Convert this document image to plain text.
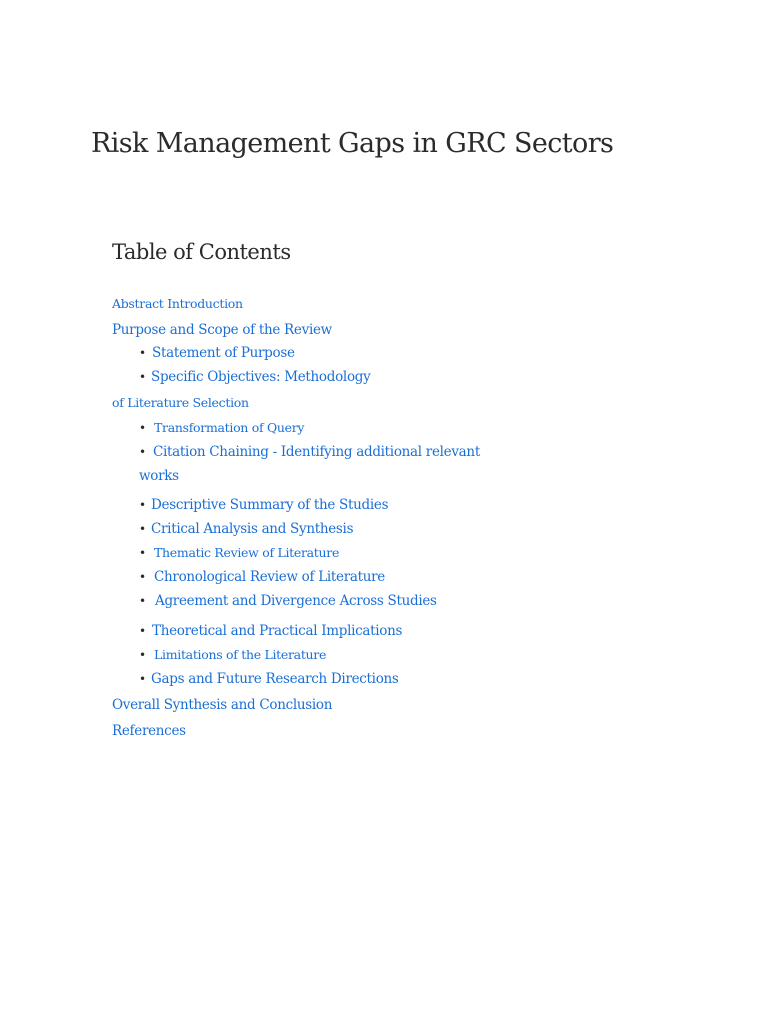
Risk Management Gaps in GRC Sectors
Table of Contents
Abstract Introduction
Purpose and Scope of the Review
• Statement of Purpose
• Specific Objectives: Methodology
of Literature Selection
• Transformation of Query
• Citation Chaining - Identifying additional relevant
works
• Descriptive Summary of the Studies
• Critical Analysis and Synthesis
• Thematic Review of Literature
• Chronological Review of Literature
• Agreement and Divergence Across Studies
• Theoretical and Practical Implications
• Limitations of the Literature
• Gaps and Future Research Directions
Overall Synthesis and Conclusion
References
